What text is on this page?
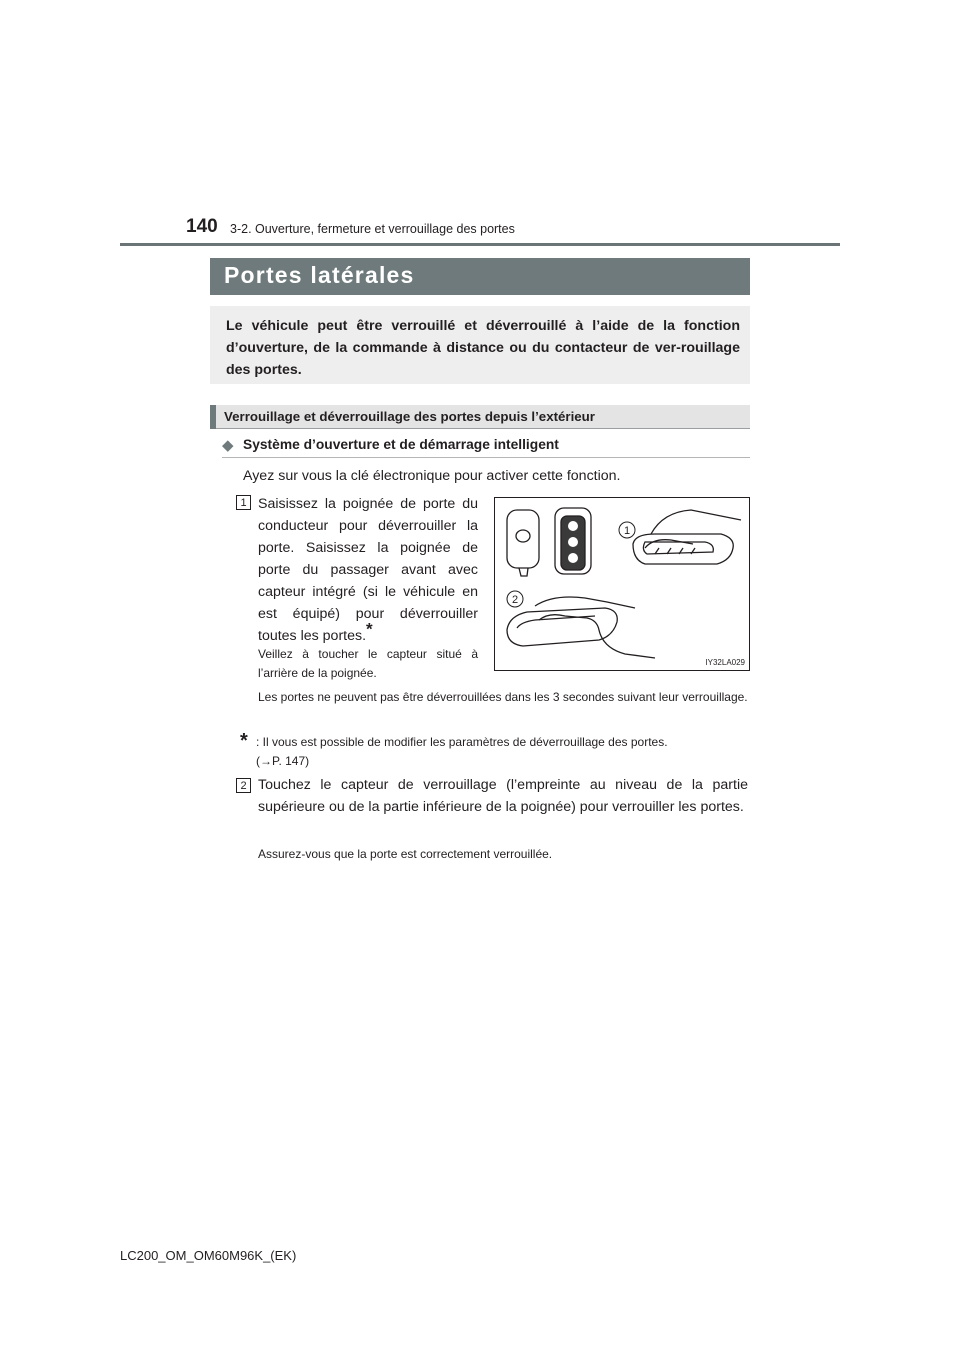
140 3-2. Ouverture, fermeture et verrouillage des portes
Portes latérales
Le véhicule peut être verrouillé et déverrouillé à l’aide de la fonction d’ouverture, de la commande à distance ou du contacteur de ver-rouillage des portes.
Verrouillage et déverrouillage des portes depuis l’extérieur
◆ Système d’ouverture et de démarrage intelligent
Ayez sur vous la clé électronique pour activer cette fonction.
1 Saisissez la poignée de porte du conducteur pour déverrouiller la porte. Saisissez la poignée de porte du passager avant avec capteur intégré (si le véhicule en est équipé) pour déverrouiller toutes les portes.*
Veillez à toucher le capteur situé à l’arrière de la poignée.
Les portes ne peuvent pas être déverrouillées dans les 3 secondes suivant leur verrouillage.
1
2
IY32LA029
* : Il vous est possible de modifier les paramètres de déverrouillage des portes.
(→P. 147)
2 Touchez le capteur de verrouillage (l’empreinte au niveau de la partie supérieure ou de la partie inférieure de la poignée) pour verrouiller les portes.
Assurez-vous que la porte est correctement verrouillée.
LC200_OM_OM60M96K_(EK)
